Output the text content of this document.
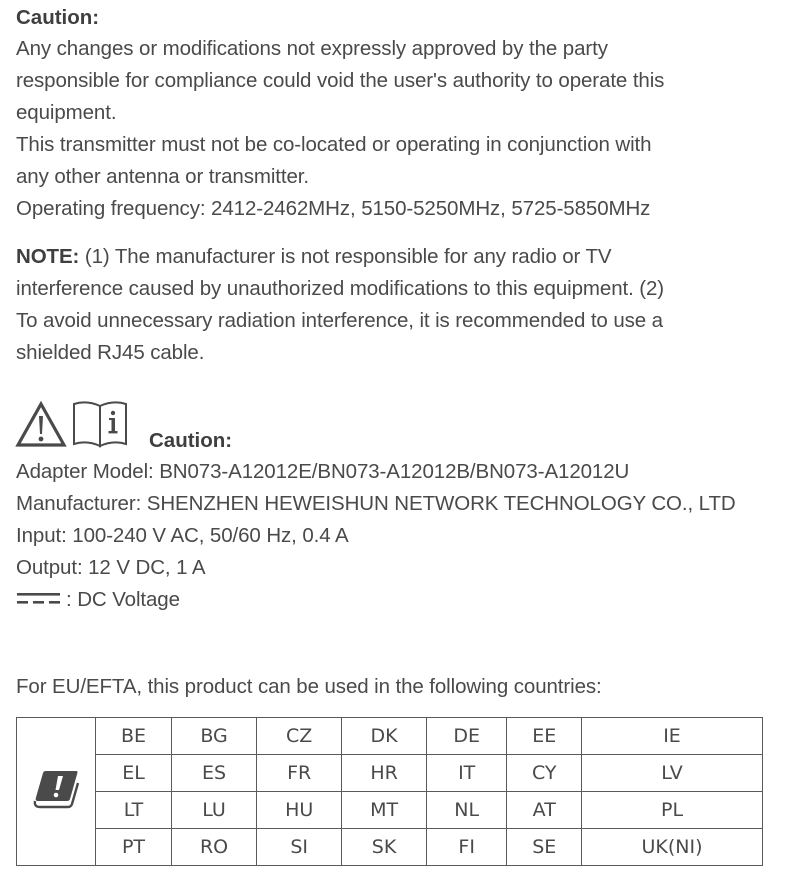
Caution:
Any changes or modifications not expressly approved by the party
responsible for compliance could void the user's authority to operate this
equipment.
This transmitter must not be co-located or operating in conjunction with
any other antenna or transmitter.
Operating frequency: 2412-2462MHz, 5150-5250MHz, 5725-5850MHz
NOTE: (1) The manufacturer is not responsible for any radio or TV
interference caused by unauthorized modifications to this equipment. (2)
To avoid unnecessary radiation interference, it is recommended to use a
shielded RJ45 cable.
Caution:
Adapter Model: BN073-A12012E/BN073-A12012B/BN073-A12012U
Manufacturer: SHENZHEN HEWEISHUN NETWORK TECHNOLOGY CO., LTD
Input: 100-240 V AC, 50/60 Hz, 0.4 A
Output: 12 V DC, 1 A
: DC Voltage
For EU/EFTA, this product can be used in the following countries:
	BE	BG	CZ	DK	DE	EE	IE
	EL	ES	FR	HR	IT	CY	LV
	LT	LU	HU	MT	NL	AT	PL
	PT	RO	SI	SK	FI	SE	UK(NI)
